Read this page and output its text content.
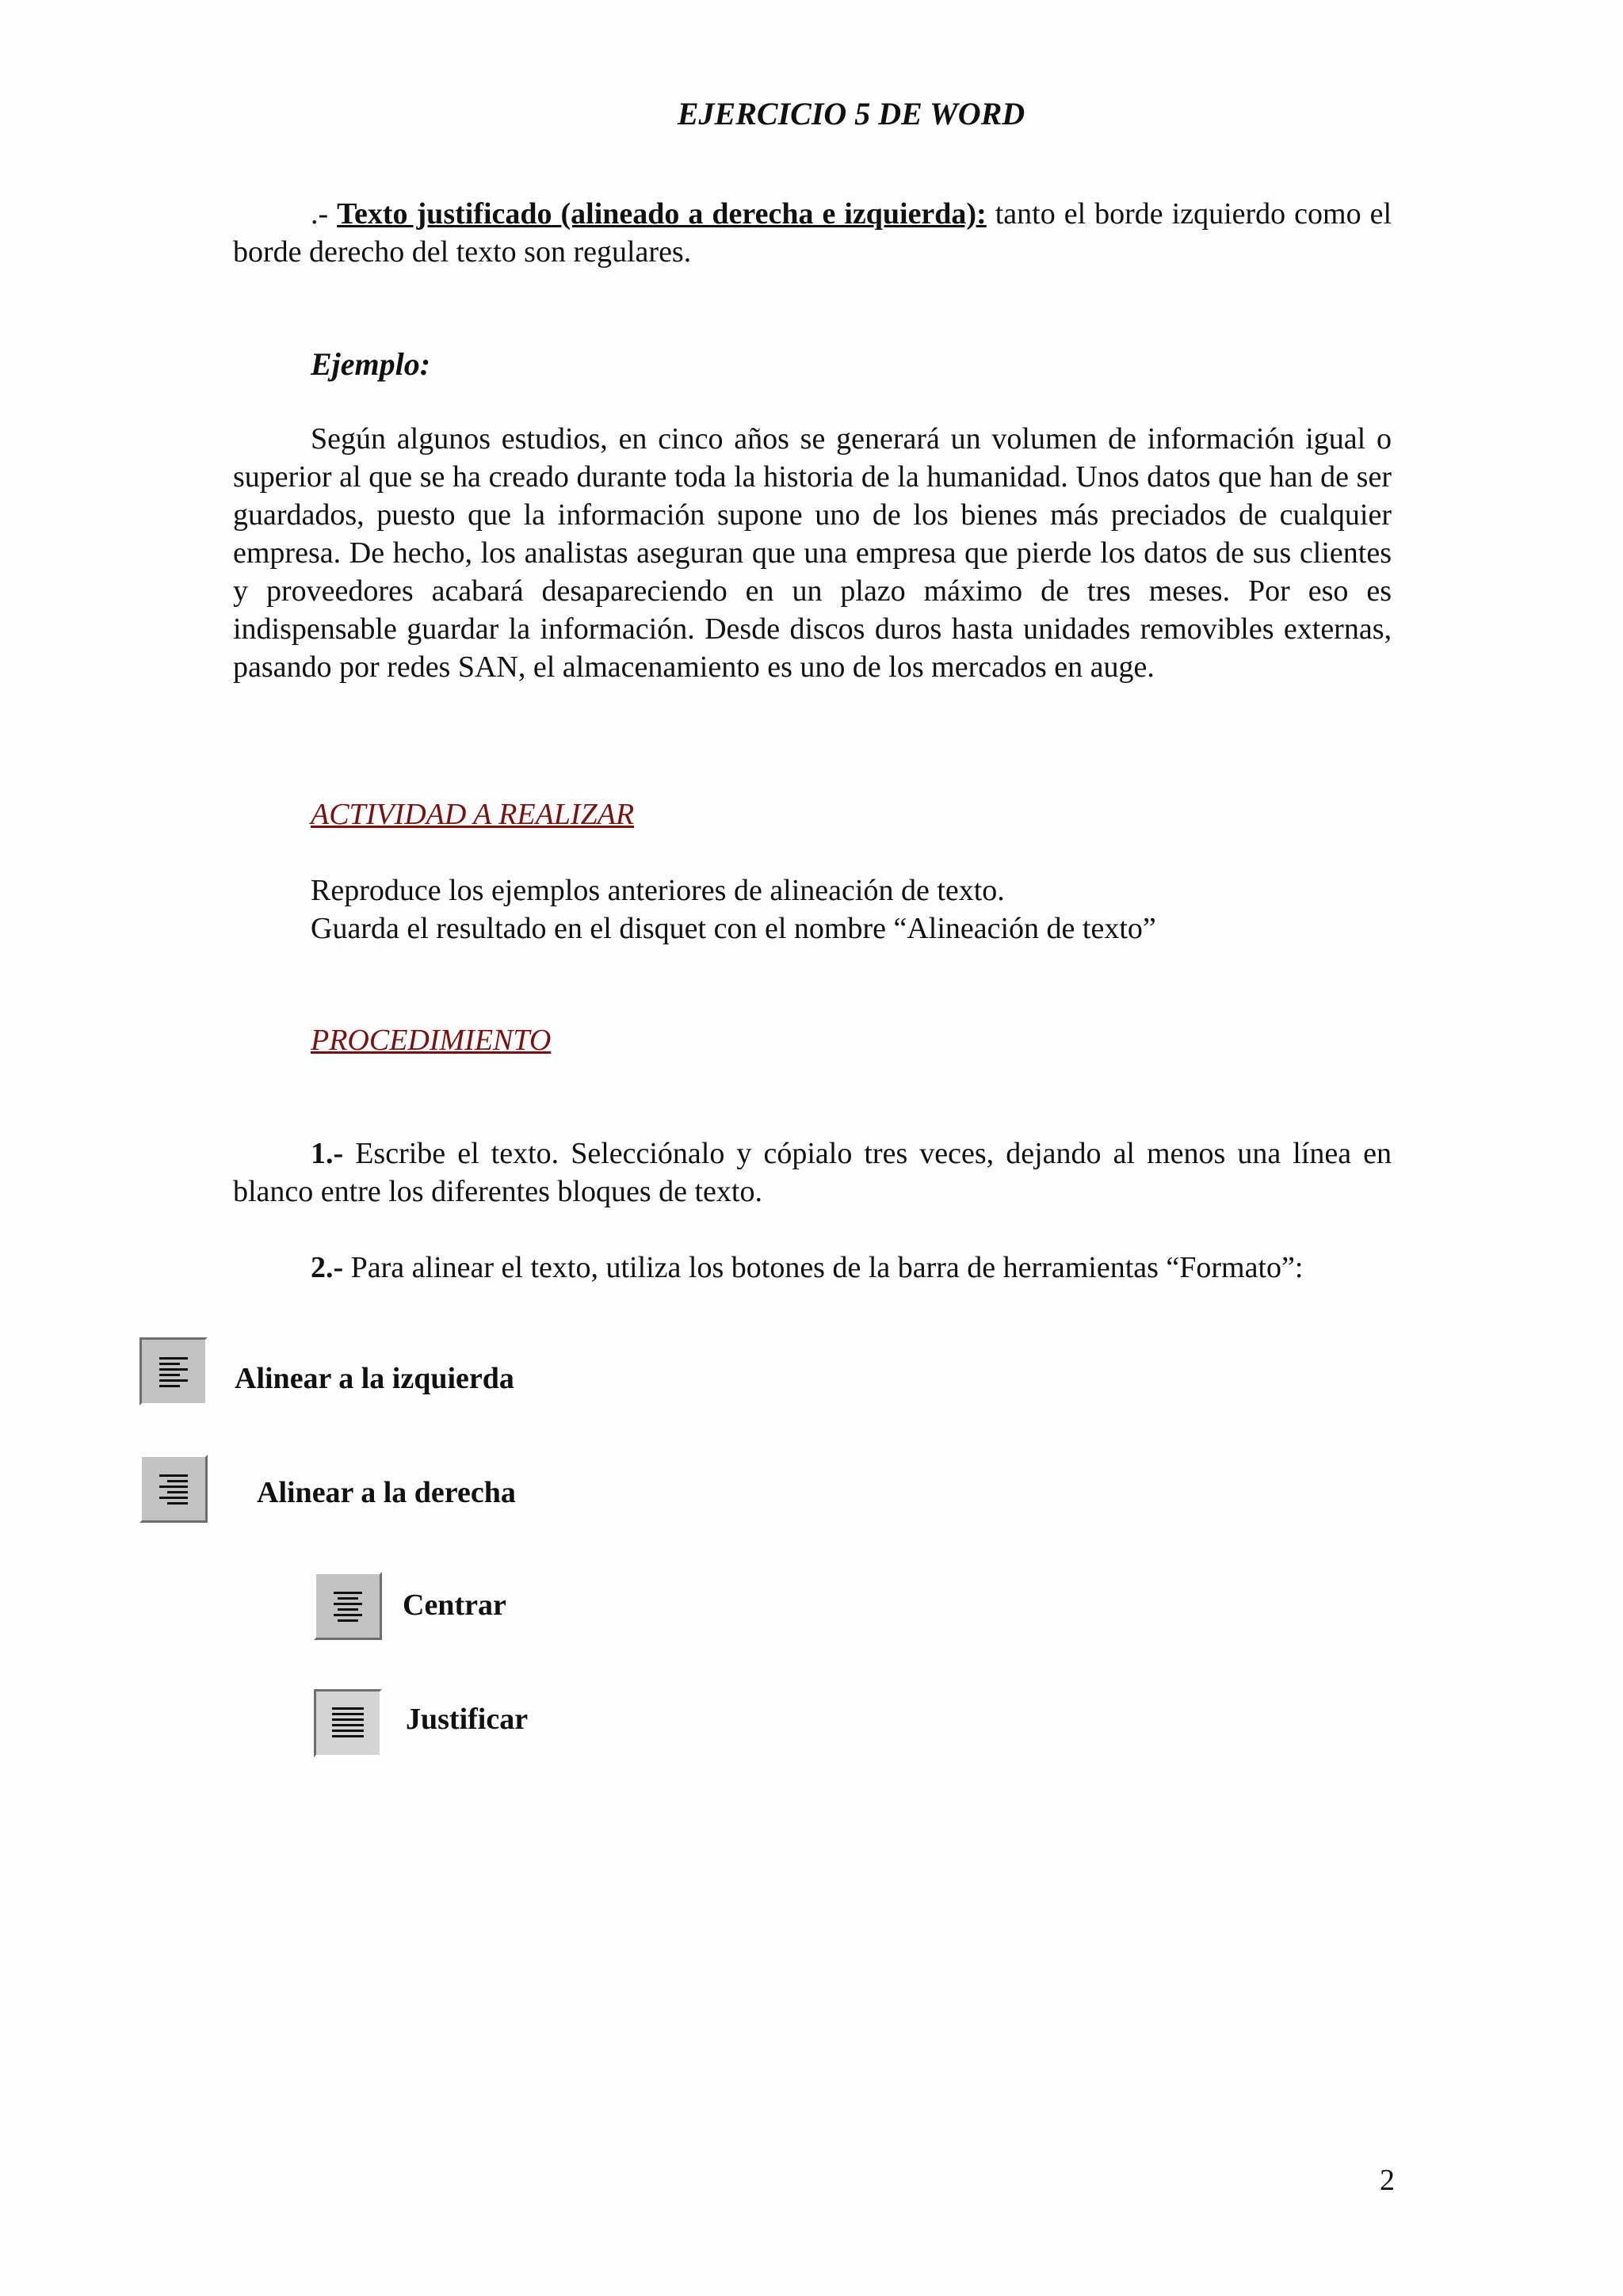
EJERCICIO 5 DE WORD

.- Texto justificado (alineado a derecha e izquierda): tanto el borde izquierdo como el borde derecho del texto son regulares.

Ejemplo:

Según algunos estudios, en cinco años se generará un volumen de información igual o superior al que se ha creado durante toda la historia de la humanidad. Unos datos que han de ser guardados, puesto que la información supone uno de los bienes más preciados de cualquier empresa. De hecho, los analistas aseguran que una empresa que pierde los datos de sus clientes y proveedores acabará desapareciendo en un plazo máximo de tres meses. Por eso es indispensable guardar la información. Desde discos duros hasta unidades removibles externas, pasando por redes SAN, el almacenamiento es uno de los mercados en auge.

ACTIVIDAD A REALIZAR
Reproduce los ejemplos anteriores de alineación de texto.
Guarda el resultado en el disquet con el nombre “Alineación de texto”
PROCEDIMIENTO

1.- Escribe el texto. Selecciónalo y cópialo tres veces, dejando al menos una línea en blanco entre los diferentes bloques de texto.

2.- Para alinear el texto, utiliza los botones de la barra de herramientas “Formato”:

Alinear a la izquierda
Alinear a la derecha
Centrar
Justificar
2
